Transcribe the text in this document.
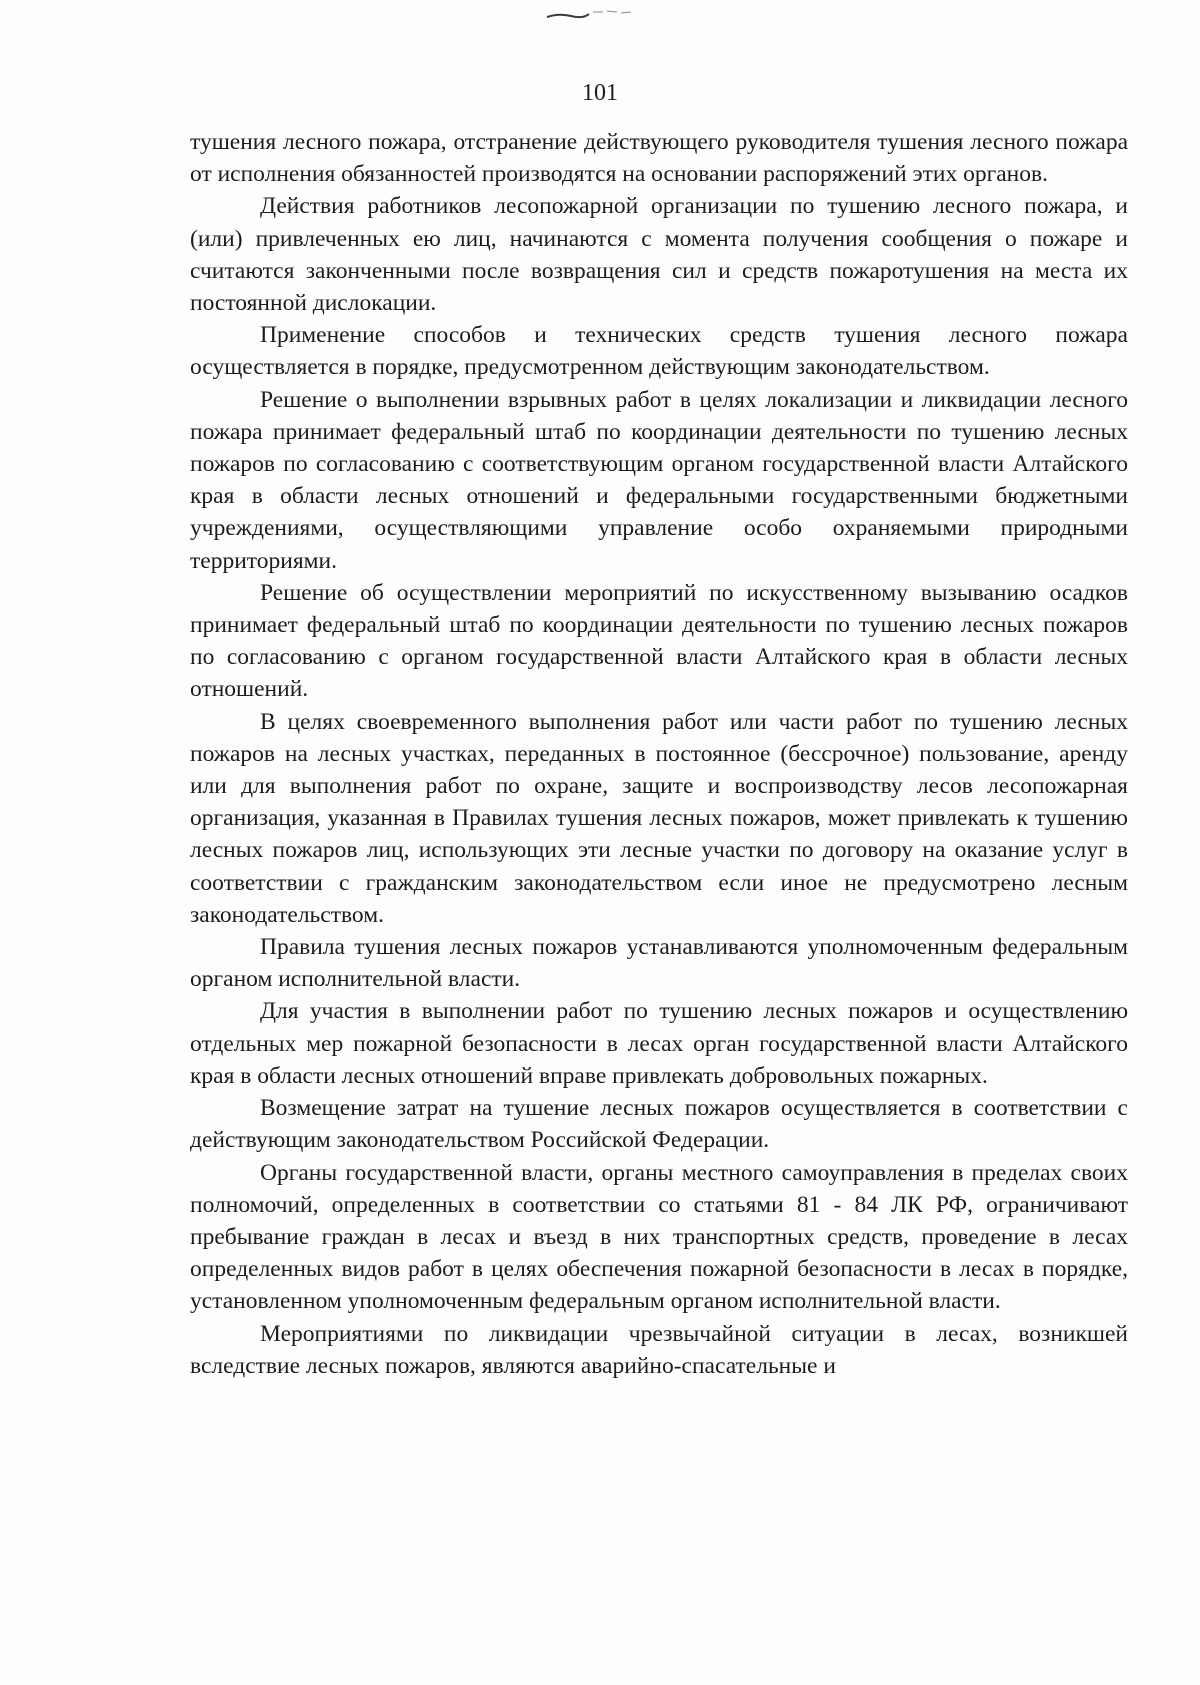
101

тушения лесного пожара, отстранение действующего руководителя тушения лесного пожара от исполнения обязанностей производятся на основании распоряжений этих органов.

Действия работников лесопожарной организации по тушению лесного пожара, и (или) привлеченных ею лиц, начинаются с момента получения сообщения о пожаре и считаются законченными после возвращения сил и средств пожаротушения на места их постоянной дислокации.

Применение способов и технических средств тушения лесного пожара осуществляется в порядке, предусмотренном действующим законодательством.

Решение о выполнении взрывных работ в целях локализации и ликвидации лесного пожара принимает федеральный штаб по координации деятельности по тушению лесных пожаров по согласованию с соответствующим органом государственной власти Алтайского края в области лесных отношений и федеральными государственными бюджетными учреждениями, осуществляющими управление особо охраняемыми природными территориями.

Решение об осуществлении мероприятий по искусственному вызыванию осадков принимает федеральный штаб по координации деятельности по тушению лесных пожаров по согласованию с органом государственной власти Алтайского края в области лесных отношений.

В целях своевременного выполнения работ или части работ по тушению лесных пожаров на лесных участках, переданных в постоянное (бессрочное) пользование, аренду или для выполнения работ по охране, защите и воспроизводству лесов лесопожарная организация, указанная в Правилах тушения лесных пожаров, может привлекать к тушению лесных пожаров лиц, использующих эти лесные участки по договору на оказание услуг в соответствии с гражданским законодательством если иное не предусмотрено лесным законодательством.

Правила тушения лесных пожаров устанавливаются уполномоченным федеральным органом исполнительной власти.

Для участия в выполнении работ по тушению лесных пожаров и осуществлению отдельных мер пожарной безопасности в лесах орган государственной власти Алтайского края в области лесных отношений вправе привлекать добровольных пожарных.

Возмещение затрат на тушение лесных пожаров осуществляется в соответствии с действующим законодательством Российской Федерации.

Органы государственной власти, органы местного самоуправления в пределах своих полномочий, определенных в соответствии со статьями 81 - 84 ЛК РФ, ограничивают пребывание граждан в лесах и въезд в них транспортных средств, проведение в лесах определенных видов работ в целях обеспечения пожарной безопасности в лесах в порядке, установленном уполномоченным федеральным органом исполнительной власти.

Мероприятиями по ликвидации чрезвычайной ситуации в лесах, возникшей вследствие лесных пожаров, являются аварийно-спасательные и
